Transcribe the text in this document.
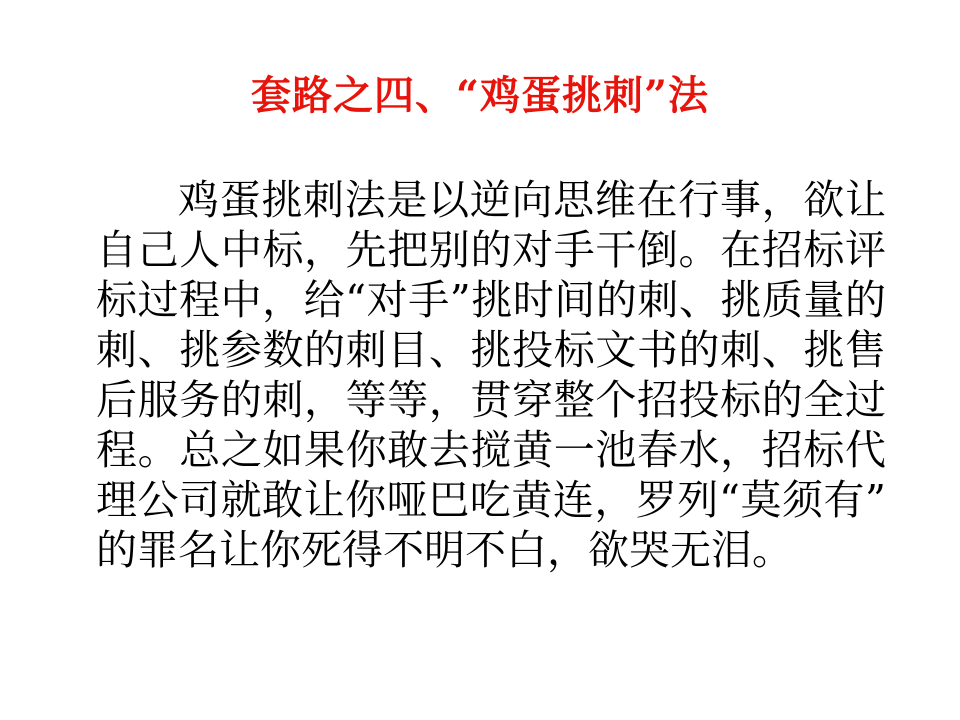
套路之四、“鸡蛋挑刺”法
鸡蛋挑刺法是以逆向思维在行事，欲让自己人中标，先把别的对手干倒。在招标评标过程中，给“对手”挑时间的刺、挑质量的刺、挑参数的刺目、挑投标文书的刺、挑售后服务的刺，等等，贯穿整个招投标的全过程。总之如果你敢去搅黄一池春水，招标代理公司就敢让你哑巴吃黄连，罗列“莫须有”的罪名让你死得不明不白，欲哭无泪。
